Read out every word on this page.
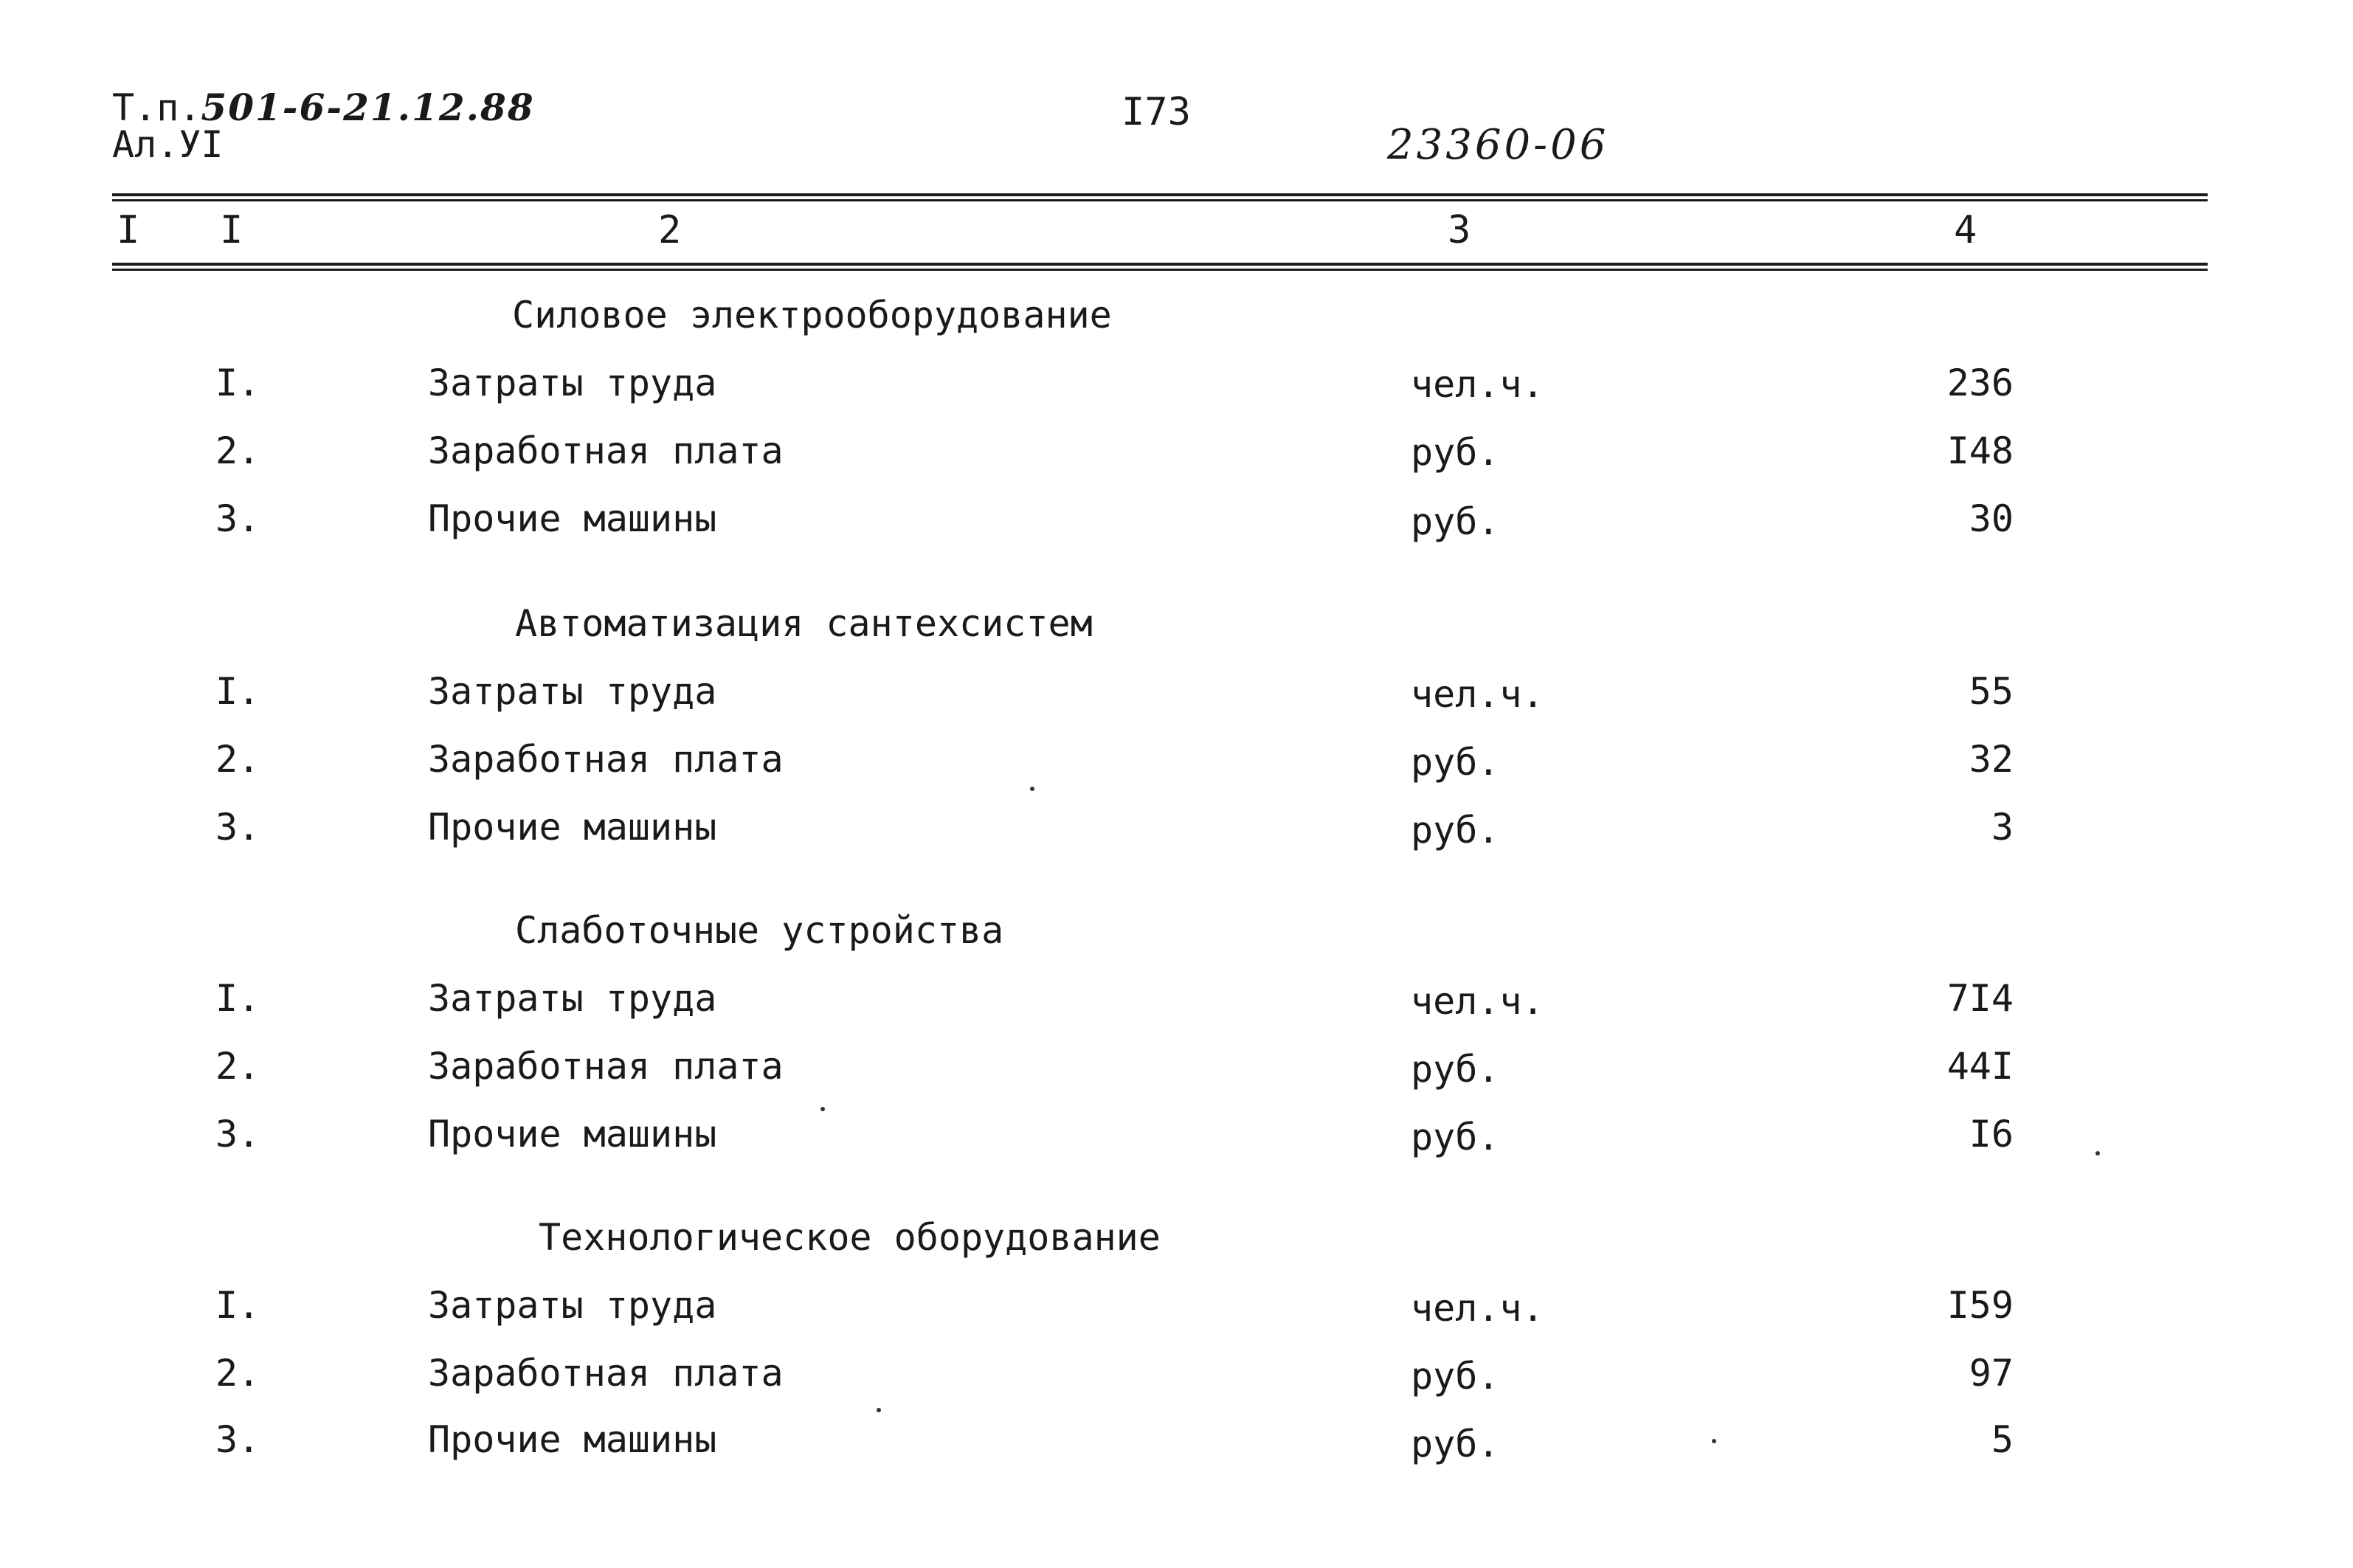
Т.п.501-6-21.12.88
Ал.УI
I73
23360-06
I I	2	3	4
Силовое электрооборудование
I.	Затраты труда	чел.ч.	236
2.	Заработная плата	руб.	I48
3.	Прочие машины	руб.	30
Автоматизация сантехсистем
I.	Затраты труда	чел.ч.	55
2.	Заработная плата	руб.	32
3.	Прочие машины	руб.	3
Слаботочные устройства
I.	Затраты труда	чел.ч.	7I4
2.	Заработная плата	руб.	44I
3.	Прочие машины	руб.	I6
Технологическое оборудование
I.	Затраты труда	чел.ч.	I59
2.	Заработная плата	руб.	97
3.	Прочие машины	руб.	5
